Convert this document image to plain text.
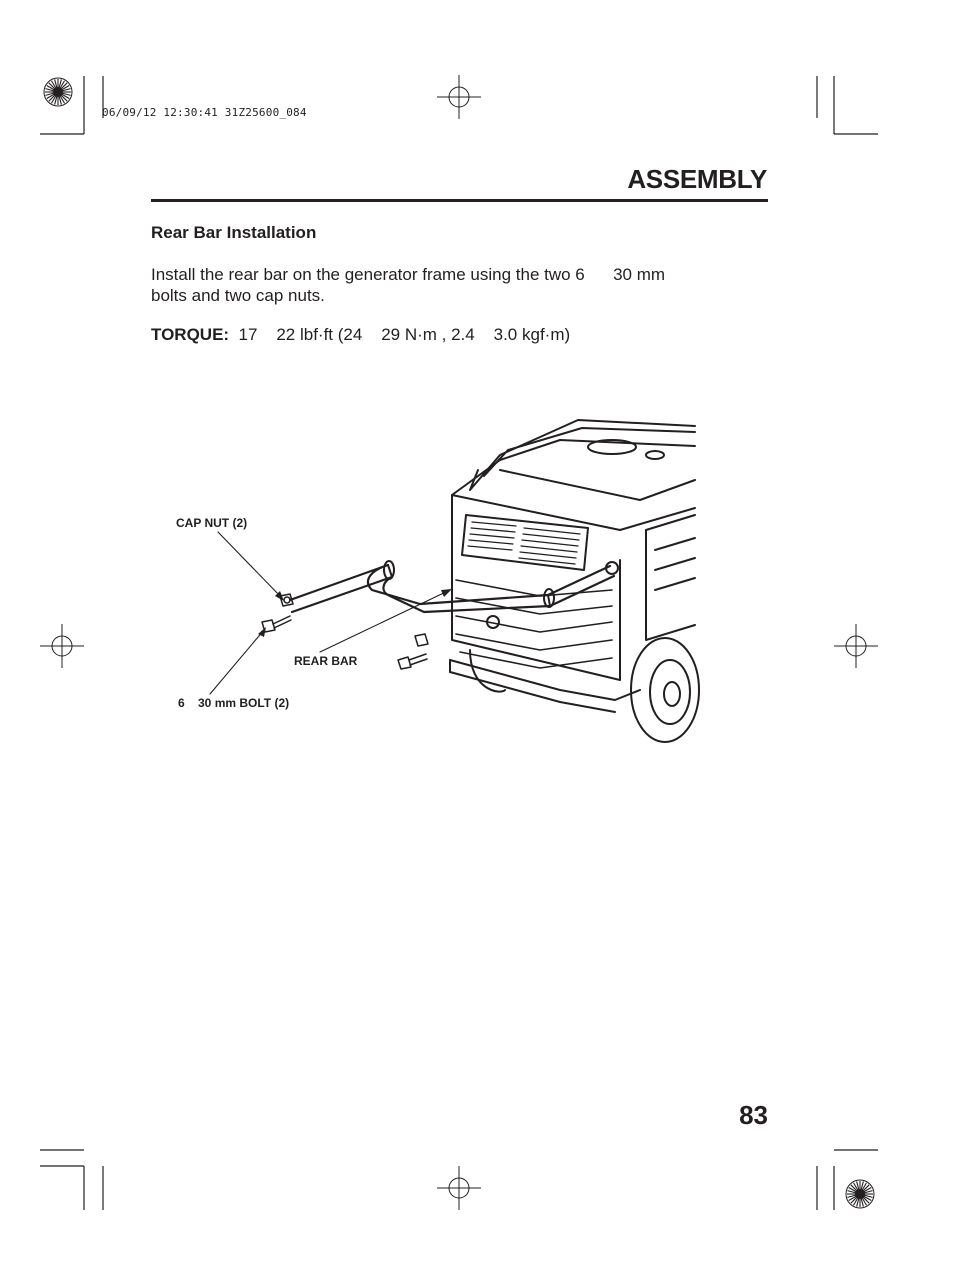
06/09/12 12:30:41 31Z25600_084
ASSEMBLY
Rear Bar Installation
Install the rear bar on the generator frame using the two 6      30 mm
bolts and two cap nuts.
TORQUE:  17    22 lbf·ft (24    29 N·m , 2.4    3.0 kgf·m)
CAP NUT (2)
REAR BAR
6    30 mm BOLT (2)
83
